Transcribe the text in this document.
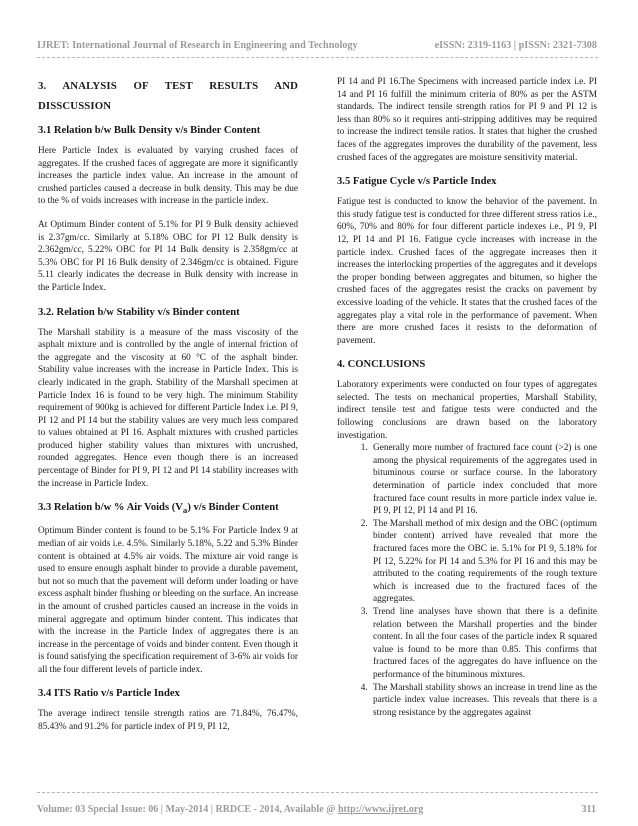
IJRET: International Journal of Research in Engineering and Technology	eISSN: 2319-1163 | pISSN: 2321-7308
3. ANALYSIS OF TEST RESULTS AND DISSCUSSION
3.1 Relation b/w Bulk Density v/s Binder Content

Here Particle Index is evaluated by varying crushed faces of aggregates. If the crushed faces of aggregate are more it significantly increases the particle index value. An increase in the amount of crushed particles caused a decrease in bulk density. This may be due to the % of voids increases with increase in the particle index.

At Optimum Binder content of 5.1% for PI 9 Bulk density achieved is 2.37gm/cc. Similarly at 5.18% OBC for PI 12 Bulk density is 2.362gm/cc, 5.22% OBC for PI 14 Bulk density is 2.358gm/cc at 5.3% OBC for PI 16 Bulk density of 2.346gm/cc is obtained. Figure 5.11 clearly indicates the decrease in Bulk density with increase in the Particle Index.

3.2. Relation b/w Stability v/s Binder content

The Marshall stability is a measure of the mass viscosity of the asphalt mixture and is controlled by the angle of internal friction of the aggregate and the viscosity at 60 °C of the asphalt binder. Stability value increases with the increase in Particle Index. This is clearly indicated in the graph. Stability of the Marshall specimen at Particle Index 16 is found to be very high. The minimum Stability requirement of 900kg is achieved for different Particle Index i.e. PI 9, PI 12 and PI 14 but the stability values are very much less compared to values obtained at PI 16. Asphalt mixtures with crushed particles produced higher stability values than mixtures with uncrushed, rounded aggregates. Hence even though there is an increased percentage of Binder for PI 9, PI 12 and PI 14 stability increases with the increase in Particle Index.

3.3 Relation b/w % Air Voids $(V_a)$ v/s Binder Content

Optimum Binder content is found to be 5.1% For Particle Index 9 at median of air voids i.e. 4.5%. Similarly 5.18%, 5.22 and 5.3% Binder content is obtained at 4.5% air voids. The mixture air void range is used to ensure enough asphalt binder to provide a durable pavement, but not so much that the pavement will deform under loading or have excess asphalt binder flushing or bleeding on the surface. An increase in the amount of crushed particles caused an increase in the voids in mineral aggregate and optimum binder content. This indicates that with the increase in the Particle Index of aggregates there is an increase in the percentage of voids and binder content. Even though it is found satisfying the specification requirement of 3-6% air voids for all the four different levels of particle index.

3.4 ITS Ratio v/s Particle Index

The average indirect tensile strength ratios are 71.84%, 76.47%, 85.43% and 91.2% for particle index of PI 9, PI 12,

PI 14 and PI 16.The Specimens with increased particle index i.e. PI 14 and PI 16 fulfill the minimum criteria of 80% as per the ASTM standards. The indirect tensile strength ratios for PI 9 and PI 12 is less than 80% so it requires anti-stripping additives may be required to increase the indirect tensile ratios. It states that higher the crushed faces of the aggregates improves the durability of the pavement, less crushed faces of the aggregates are moisture sensitivity material.

3.5 Fatigue Cycle v/s Particle Index

Fatigue test is conducted to know the behavior of the pavement. In this study fatigue test is conducted for three different stress ratios i.e., 60%, 70% and 80% for four different particle indexes i.e., PI 9, PI 12, PI 14 and PI 16. Fatigue cycle increases with increase in the particle index. Crushed faces of the aggregate increases then it increases the interlocking properties of the aggregates and it develops the proper bonding between aggregates and bitumen, so higher the crushed faces of the aggregates resist the cracks on pavement by excessive loading of the vehicle. It states that the crushed faces of the aggregates play a vital role in the performance of pavement. When there are more crushed faces it resists to the deformation of pavement.

4. CONCLUSIONS

Laboratory experiments were conducted on four types of aggregates selected. The tests on mechanical properties, Marshall Stability, indirect tensile test and fatigue tests were conducted and the following conclusions are drawn based on the laboratory investigation.

1. Generally more number of fractured face count (>2) is one among the physical requirements of the aggregates used in bituminous course or surface course. In the laboratory determination of particle index concluded that more fractured face count results in more particle index value ie. PI 9, PI 12, PI 14 and PI 16.
2. The Marshall method of mix design and the OBC (optimum binder content) arrived have revealed that more the fractured faces more the OBC ie. 5.1% for PI 9, 5.18% for PI 12, 5.22% for PI 14 and 5.3% for PI 16 and this may be attributed to the coating requirements of the rough texture which is increased due to the fractured faces of the aggregates.
3. Trend line analyses have shown that there is a definite relation between the Marshall properties and the binder content. In all the four cases of the particle index R squared value is found to be more than 0.85. This confirms that fractured faces of the aggregates do have influence on the performance of the bituminous mixtures.
4. The Marshall stability shows an increase in trend line as the particle index value increases. This reveals that there is a strong resistance by the aggregates against
Volume: 03 Special Issue: 06 | May-2014 | RRDCE - 2014, Available @ http://www.ijret.org	311
